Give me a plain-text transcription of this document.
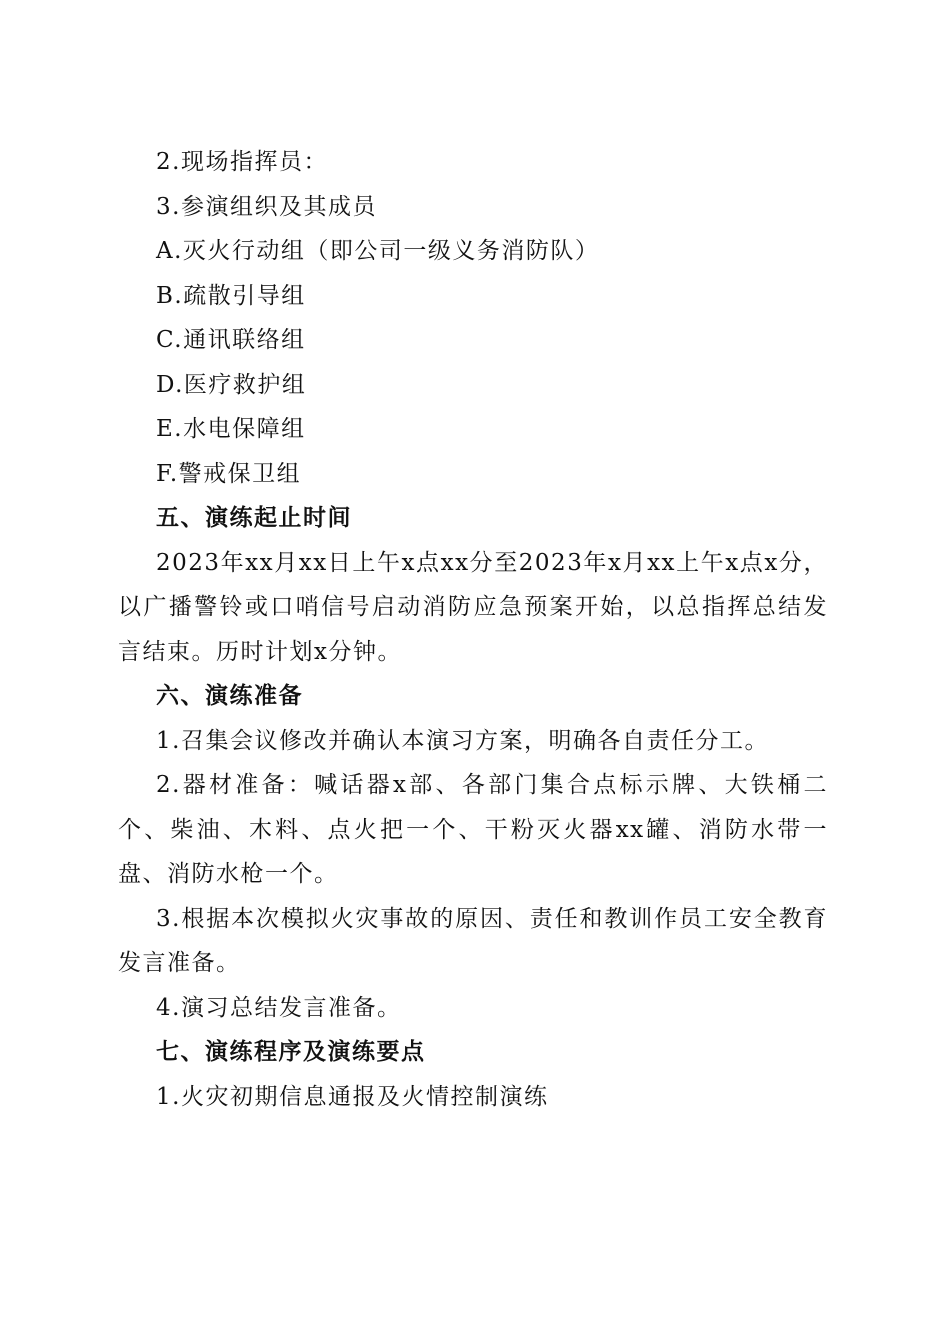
2.现场指挥员：

3.参演组织及其成员

A.灭火行动组（即公司一级义务消防队）

B.疏散引导组

C.通讯联络组

D.医疗救护组

E.水电保障组

F.警戒保卫组

五、演练起止时间

2023年xx月xx日上午x点xx分至2023年x月xx上午x点x分，以广播警铃或口哨信号启动消防应急预案开始，以总指挥总结发言结束。历时计划x分钟。

六、演练准备

1.召集会议修改并确认本演习方案，明确各自责任分工。

2.器材准备：喊话器x部、各部门集合点标示牌、大铁桶二个、柴油、木料、点火把一个、干粉灭火器xx罐、消防水带一盘、消防水枪一个。

3.根据本次模拟火灾事故的原因、责任和教训作员工安全教育发言准备。

4.演习总结发言准备。

七、演练程序及演练要点

1.火灾初期信息通报及火情控制演练
